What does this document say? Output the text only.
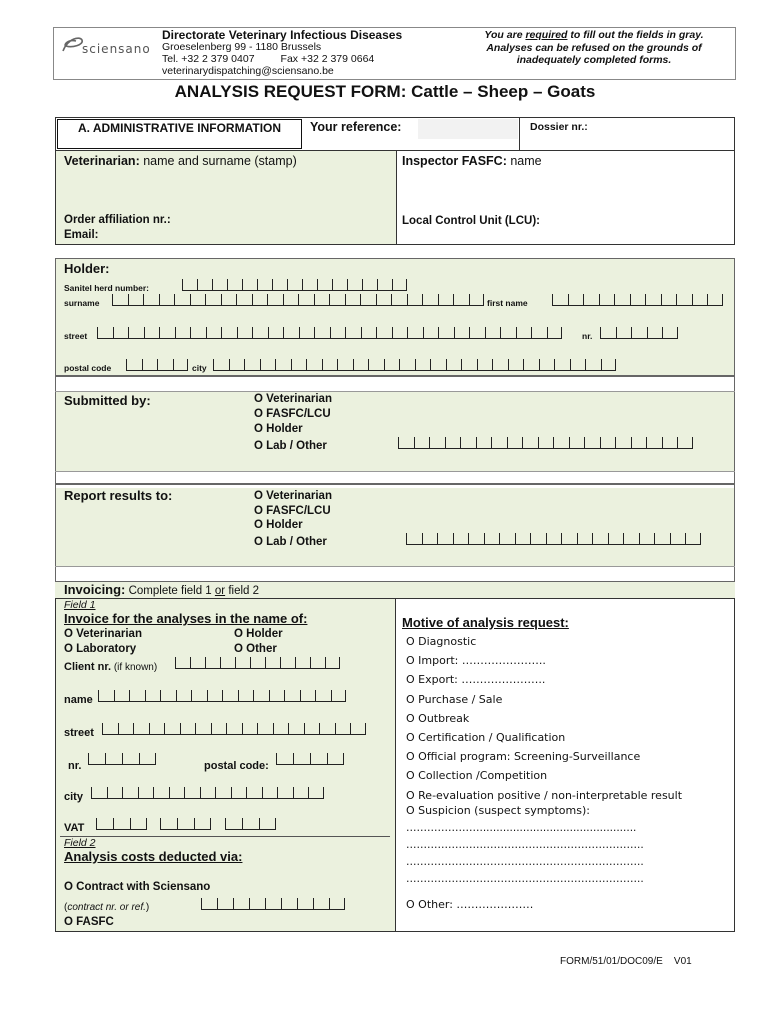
sciensano
Directorate Veterinary Infectious Diseases
Groeselenberg 99 - 1180 Brussels
Tel. +32 2 379 0407 Fax +32 2 379 0664
veterinarydispatching@sciensano.be
You are required to fill out the fields in gray.
Analyses can be refused on the grounds of
inadequately completed forms.
ANALYSIS REQUEST FORM: Cattle – Sheep – Goats
A. ADMINISTRATIVE INFORMATION	Your reference:	Dossier nr.:
Veterinarian: name and surname (stamp)	Inspector FASFC: name
Order affiliation nr.:
Email:
Local Control Unit (LCU):
Holder:
Sanitel herd number:
surname	first name
street	nr.
postal code	city
Submitted by:	O Veterinarian
O FASFC/LCU
O Holder
O Lab / Other
Report results to:	O Veterinarian
O FASFC/LCU
O Holder
O Lab / Other
Invoicing: Complete field 1 or field 2
Field 1
Invoice for the analyses in the name of:
O Veterinarian	O Holder
O Laboratory	O Other
Client nr. (if known)
name
street
nr.	postal code:
city
VAT
Field 2
Analysis costs deducted via:
O Contract with Sciensano
(contract nr. or ref.)
O FASFC
Motive of analysis request:
O Diagnostic
O Import: …………………..
O Export: …………………..
O Purchase / Sale
O Outbreak
O Certification / Qualification
O Official program: Screening-Surveillance
O Collection /Competition
O Re-evaluation positive / non-interpretable result
O Suspicion (suspect symptoms):
…………………...............................................
…………………………………………………………..
…………………………………………………………..
…………………………………………………………..
O Other: …………………
FORM/51/01/DOC09/E    V01
